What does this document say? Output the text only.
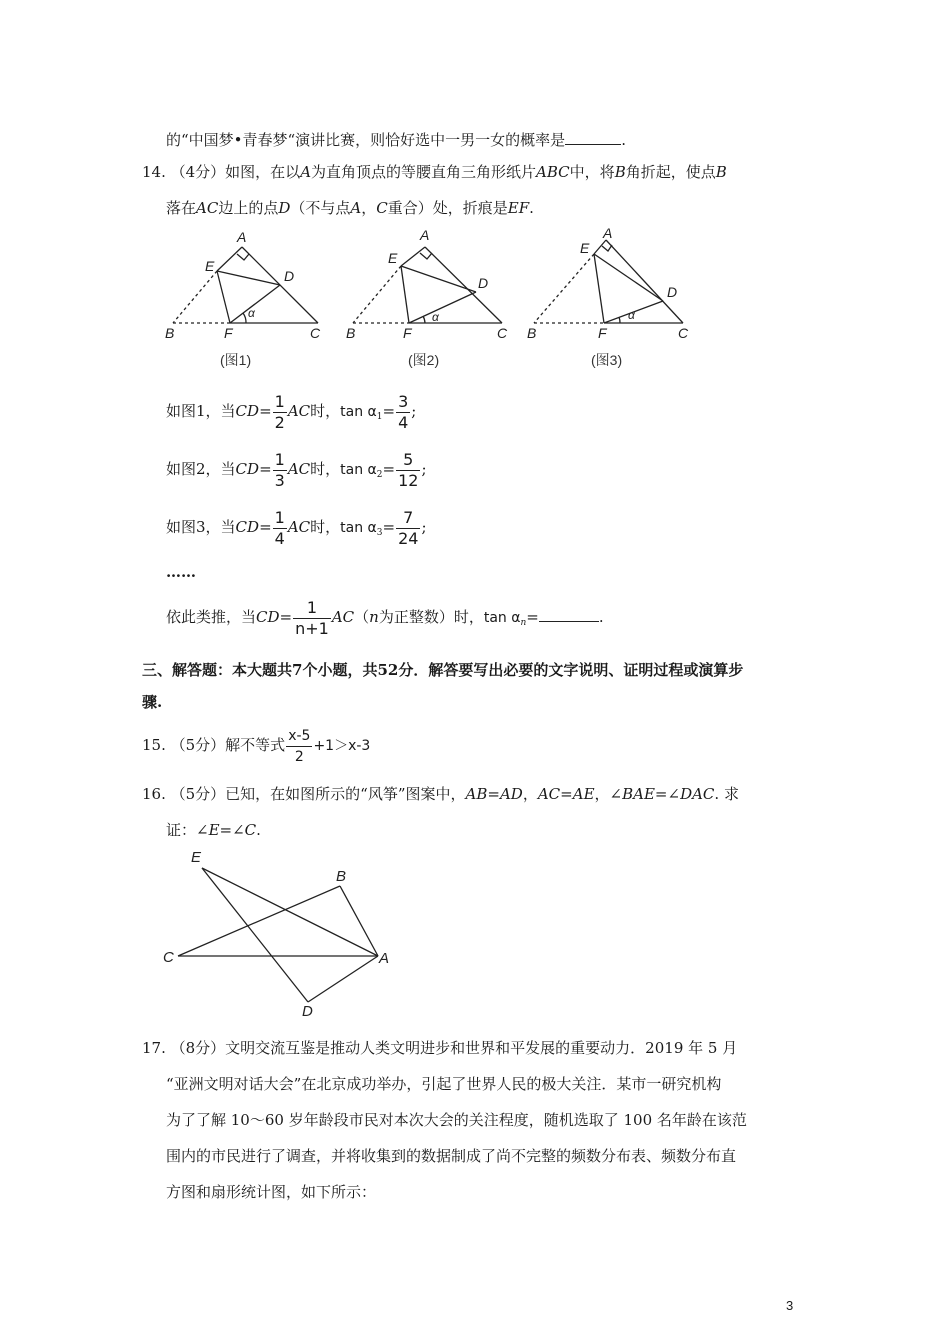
的“中国梦•青春梦“演讲比赛，则恰好选中一男一女的概率是	.
14. （4分）如图，在以A为直角顶点的等腰直角三角形纸片ABC中，将B角折起，使点B
落在AC边上的点D（不与点A，C重合）处，折痕是EF.
A
E
D
B	F	C
α
(图1)
A
E
D
B	F	C
α
(图2)
A
E
D
B	F	C
α
(图3)
如图1，当$CD= \frac{1}{2}$ AC时，$\tan \alpha_1= \frac{3}{4}$ ;
如图2，当$CD= \frac{1}{3}$ AC时，$\tan \alpha_2= \frac{5}{12}$ ;
如图3，当$CD= \frac{1}{4}$ AC时，$\tan \alpha_3= \frac{7}{24}$ ;
……
依此类推，当$CD= \frac{1}{n+1} AC(n$为正整数）时，$\tan \alpha_n=$	.
三、解答题：本大题共7个小题，共52分．解答要写出必要的文字说明、证明过程或演算步
骤.
15. （5分）解不等式 $\frac{x-5}{2} +1>x-3$
16. （5分）已知，在如图所示的“风筝”图案中，AB=AD，AC=AE，∠BAE=∠DAC. 求
证：∠E=∠C.
E
B
C	A
D
17. （8分）文明交流互鉴是推动人类文明进步和世界和平发展的重要动力．2019 年 5 月
“亚洲文明对话大会”在北京成功举办，引起了世界人民的极大关注．某市一研究机构
为了了解 10～60 岁年龄段市民对本次大会的关注程度，随机选取了 100 名年龄在该范
围内的市民进行了调查，并将收集到的数据制成了尚不完整的频数分布表、频数分布直
方图和扇形统计图，如下所示：
3
